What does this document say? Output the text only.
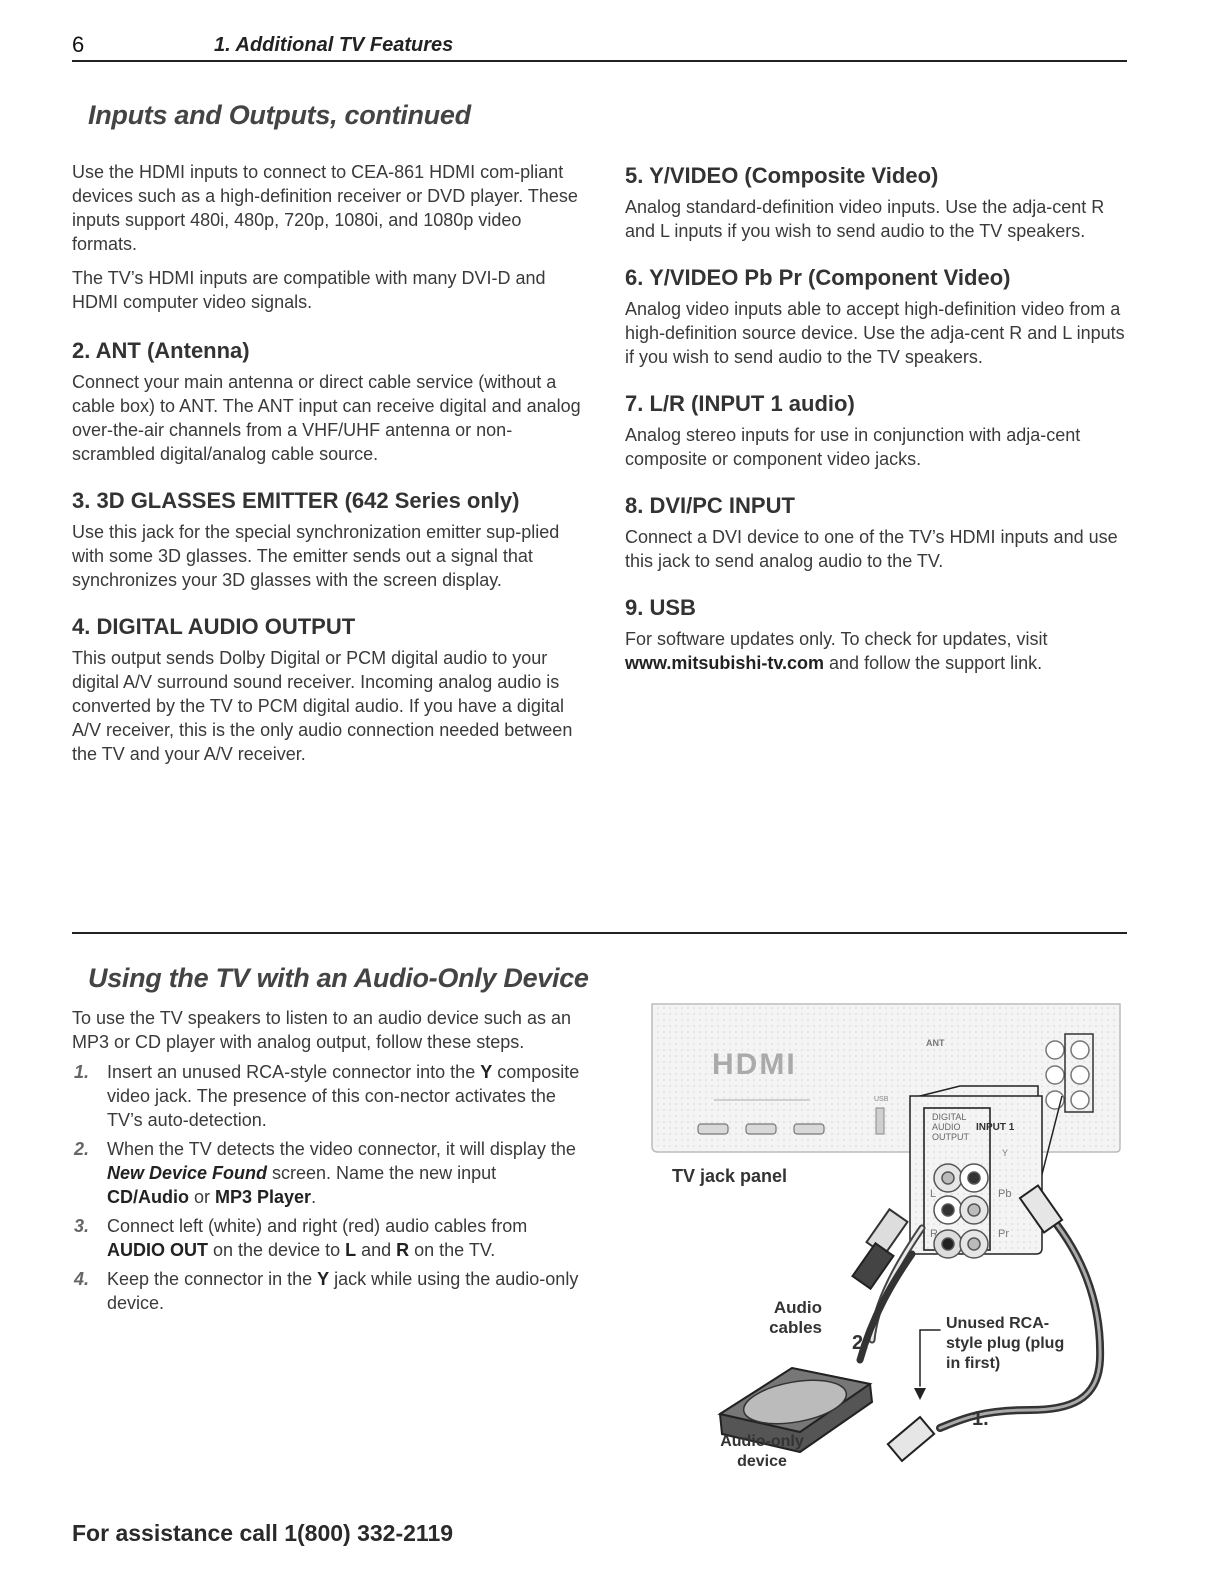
6	1. Additional TV Features
Inputs and Outputs, continued

Use the HDMI inputs to connect to CEA-861 HDMI com-pliant devices such as a high-definition receiver or DVD player. These inputs support 480i, 480p, 720p, 1080i, and 1080p video formats.

The TV’s HDMI inputs are compatible with many DVI-D and HDMI computer video signals.

2. ANT (Antenna)

Connect your main antenna or direct cable service (without a cable box) to ANT. The ANT input can receive digital and analog over-the-air channels from a VHF/UHF antenna or non-scrambled digital/analog cable source.

3. 3D GLASSES EMITTER (642 Series only)

Use this jack for the special synchronization emitter sup-plied with some 3D glasses. The emitter sends out a signal that synchronizes your 3D glasses with the screen display.

4. DIGITAL AUDIO OUTPUT

This output sends Dolby Digital or PCM digital audio to your digital A/V surround sound receiver. Incoming analog audio is converted by the TV to PCM digital audio. If you have a digital A/V receiver, this is the only audio connection needed between the TV and your A/V receiver.

5. Y/VIDEO (Composite Video)

Analog standard-definition video inputs. Use the adja-cent R and L inputs if you wish to send audio to the TV speakers.

6. Y/VIDEO Pb Pr (Component Video)

Analog video inputs able to accept high-definition video from a high-definition source device. Use the adja-cent R and L inputs if you wish to send audio to the TV speakers.

7. L/R (INPUT 1 audio)

Analog stereo inputs for use in conjunction with adja-cent composite or component video jacks.

8. DVI/PC INPUT

Connect a DVI device to one of the TV’s HDMI inputs and use this jack to send analog audio to the TV.

9. USB

For software updates only. To check for updates, visit www.mitsubishi-tv.com and follow the support link.

Using the TV with an Audio-Only Device

To use the TV speakers to listen to an audio device such as an MP3 or CD player with analog output, follow these steps.

1. Insert an unused RCA-style connector into the Y composite video jack. The presence of this con-nector activates the TV’s auto-detection.
2. When the TV detects the video connector, it will display the New Device Found screen. Name the new input CD/Audio or MP3 Player.
3. Connect left (white) and right (red) audio cables from AUDIO OUT on the device to L and R on the TV.
4. Keep the connector in the Y jack while using the audio-only device.
HDMI
TV jack panel
ANT
DIGITAL AUDIO OUTPUT
INPUT 1
Y
L	Pb
R	Pr
USB
Audio cables
2.
Unused RCA-style plug (plug in first)
1.
Audio-only device
For assistance call 1(800) 332-2119
